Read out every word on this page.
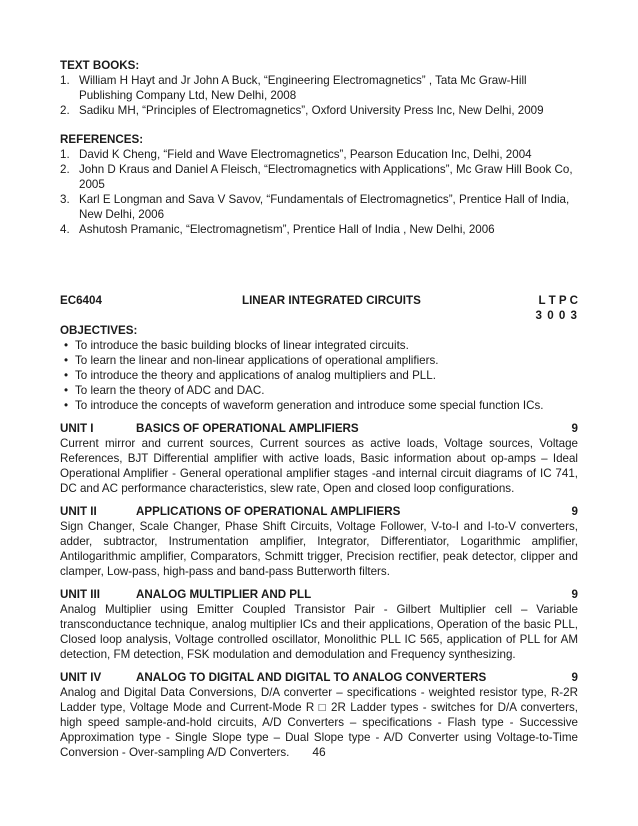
TEXT BOOKS:

1. William H Hayt and Jr John A Buck, “Engineering Electromagnetics” , Tata Mc Graw-Hill Publishing Company Ltd, New Delhi, 2008
2. Sadiku MH, “Principles of Electromagnetics”, Oxford University Press Inc, New Delhi, 2009

REFERENCES:

1. David K Cheng, “Field and Wave Electromagnetics”, Pearson Education Inc, Delhi, 2004
2. John D Kraus and Daniel A Fleisch, “Electromagnetics with Applications”, Mc Graw Hill Book Co, 2005
3. Karl E Longman and Sava V Savov, “Fundamentals of Electromagnetics”, Prentice Hall of India, New Delhi, 2006
4. Ashutosh Pramanic, “Electromagnetism”, Prentice Hall of India , New Delhi, 2006
EC6404	LINEAR INTEGRATED CIRCUITS	L T P C
3 0 0 3

OBJECTIVES:

• To introduce the basic building blocks of linear integrated circuits.
• To learn the linear and non-linear applications of operational amplifiers.
• To introduce the theory and applications of analog multipliers and PLL.
• To learn the theory of ADC and DAC.
• To introduce the concepts of waveform generation and introduce some special function ICs.
UNIT I	BASICS OF OPERATIONAL AMPLIFIERS	9

Current mirror and current sources, Current sources as active loads, Voltage sources, Voltage References, BJT Differential amplifier with active loads, Basic information about op-amps – Ideal Operational Amplifier - General operational amplifier stages -and internal circuit diagrams of IC 741, DC and AC performance characteristics, slew rate, Open and closed loop configurations.

UNIT II	APPLICATIONS OF OPERATIONAL AMPLIFIERS	9

Sign Changer, Scale Changer, Phase Shift Circuits, Voltage Follower, V-to-I and I-to-V converters, adder, subtractor, Instrumentation amplifier, Integrator, Differentiator, Logarithmic amplifier, Antilogarithmic amplifier, Comparators, Schmitt trigger, Precision rectifier, peak detector, clipper and clamper, Low-pass, high-pass and band-pass Butterworth filters.

UNIT III	ANALOG MULTIPLIER AND PLL	9

Analog Multiplier using Emitter Coupled Transistor Pair - Gilbert Multiplier cell – Variable transconductance technique, analog multiplier ICs and their applications, Operation of the basic PLL, Closed loop analysis, Voltage controlled oscillator, Monolithic PLL IC 565, application of PLL for AM detection, FM detection, FSK modulation and demodulation and Frequency synthesizing.

UNIT IV	ANALOG TO DIGITAL AND DIGITAL TO ANALOG CONVERTERS	9

Analog and Digital Data Conversions, D/A converter – specifications - weighted resistor type, R-2R Ladder type, Voltage Mode and Current-Mode R □ 2R Ladder types - switches for D/A converters, high speed sample-and-hold circuits, A/D Converters – specifications - Flash type - Successive Approximation type - Single Slope type – Dual Slope type - A/D Converter using Voltage-to-Time Conversion - Over-sampling A/D Converters.	46
